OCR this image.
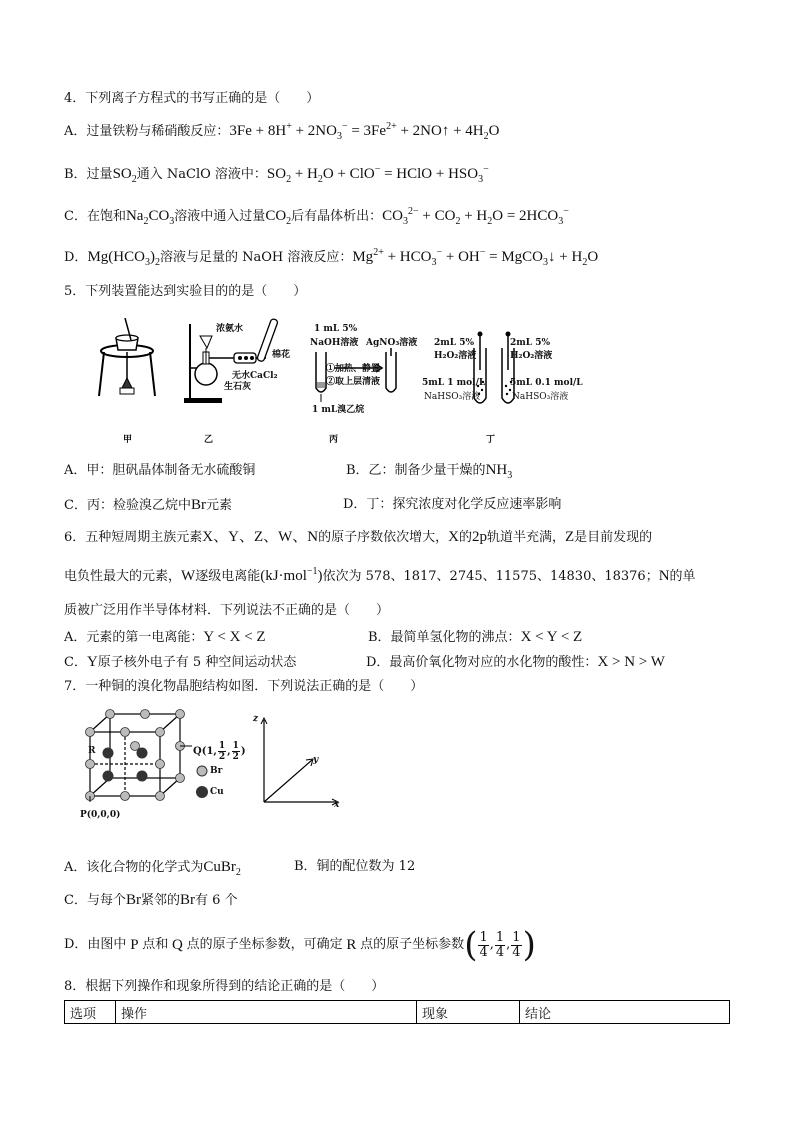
4．下列离子方程式的书写正确的是（　　）
A．过量铁粉与稀硝酸反应：$3Fe + 8H^+ + 2NO_3^- = 3Fe^{2+}$ + 2NO↑ + $4H_2O$
B．过量$SO_2$通入 NaClO 溶液中：$SO_2 + H_2O + ClO^-$ = HClO + $HSO_3^-$
C．在饱和$Na_2CO_3$溶液中通入过量$CO_2$后有晶体析出：$CO_3^{2-} + CO_2 + H_2O = 2HCO_3^-$
D．$Mg(HCO_3)_2$溶液与足量的 NaOH 溶液反应：$Mg^{2+} + HCO_3^- + OH^-$ = MgCO$_3$↓ + $H_2O$
5．下列装置能达到实验目的的是（　　）
甲
浓氨水
棉花
无水CaCl₂
生石灰
乙
1 mL 5%
NaOH溶液 AgNO₃溶液
①加热、静置
②取上层清液
1 mL溴乙烷
丙
2mL 5%
H₂O₂溶液
2mL 5%
H₂O₂溶液
5mL 1 mol/L
NaHSO₃溶液
5mL 0.1 mol/L
NaHSO₃溶液
丁
A．甲：胆矾晶体制备无水硫酸铜	B．乙：制备少量干燥的$NH_3$
C．丙：检验溴乙烷中Br元素	D．丁：探究浓度对化学反应速率影响
6．五种短周期主族元素X、Y、Z、W、N的原子序数依次增大，X的2p轨道半充满，Z是目前发现的
电负性最大的元素，W逐级电离能(kJ·mol$^{-1}$)依次为 578、1817、2745、11575、14830、18376；N的单
质被广泛用作半导体材料．下列说法不正确的是（　　）
A．元素的第一电离能：Y < X < Z	B．最简单氢化物的沸点：X < Y < Z
C．Y原子核外电子有 5 种空间运动状态	D．最高价氧化物对应的水化物的酸性：X > N > W
7．一种铜的溴化物晶胞结构如图．下列说法正确的是（　　）
Q(1, $\frac{1}{2}$ , $\frac{1}{2}$ )
R
P(0,0,0)
Br
Cu
z
y
x
A．该化合物的化学式为CuBr$_2$	B．铜的配位数为 12
C．与每个Br紧邻的Br有 6 个
D．由图中 P 点和 Q 点的原子坐标参数，可确定 R 点的原子坐标参数 ( $\frac{1}{4}$ , $\frac{1}{4}$ , $\frac{1}{4}$ )
8．根据下列操作和现象所得到的结论正确的是（　　）
选项	操作	现象	结论
